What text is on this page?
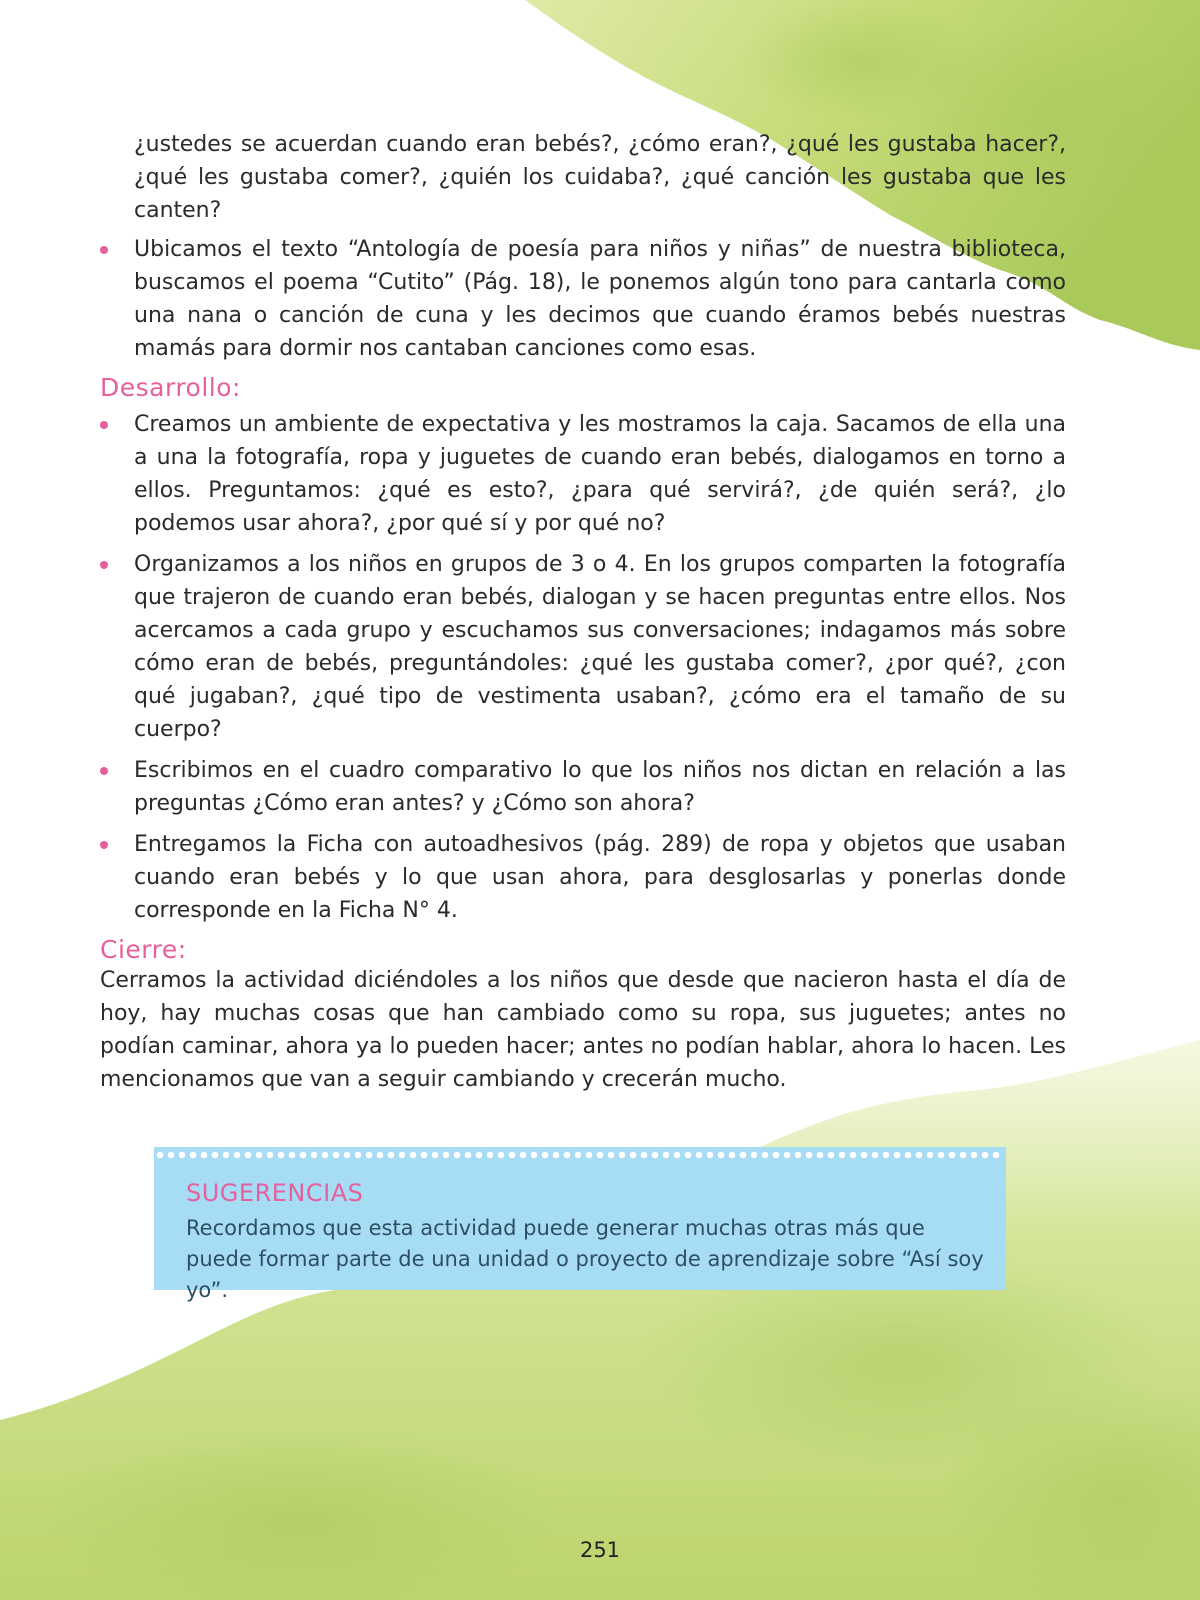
¿ustedes se acuerdan cuando eran bebés?, ¿cómo eran?, ¿qué les gustaba hacer?, ¿qué les gustaba comer?, ¿quién los cuidaba?, ¿qué canción les gustaba que les canten?

Ubicamos el texto “Antología de poesía para niños y niñas” de nuestra biblioteca, buscamos el poema “Cutito” (Pág. 18), le ponemos algún tono para cantarla como una nana o canción de cuna y les decimos que cuando éramos bebés nuestras mamás para dormir nos cantaban canciones como esas.
Desarrollo:
Creamos un ambiente de expectativa y les mostramos la caja. Sacamos de ella una a una la fotografía, ropa y juguetes de cuando eran bebés, dialogamos en torno a ellos. Preguntamos: ¿qué es esto?, ¿para qué servirá?, ¿de quién será?, ¿lo podemos usar ahora?, ¿por qué sí y por qué no?
Organizamos a los niños en grupos de 3 o 4. En los grupos comparten la fotografía que trajeron de cuando eran bebés, dialogan y se hacen preguntas entre ellos. Nos acercamos a cada grupo y escuchamos sus conversaciones; indagamos más sobre cómo eran de bebés, preguntándoles: ¿qué les gustaba comer?, ¿por qué?, ¿con qué jugaban?, ¿qué tipo de vestimenta usaban?, ¿cómo era el tamaño de su cuerpo?
Escribimos en el cuadro comparativo lo que los niños nos dictan en relación a las preguntas ¿Cómo eran antes? y ¿Cómo son ahora?
Entregamos la Ficha con autoadhesivos (pág. 289) de ropa y objetos que usaban cuando eran bebés y lo que usan ahora, para desglosarlas y ponerlas donde corresponde en la Ficha N° 4.
Cierre:

Cerramos la actividad diciéndoles a los niños que desde que nacieron hasta el día de hoy, hay muchas cosas que han cambiado como su ropa, sus juguetes; antes no podían caminar, ahora ya lo pueden hacer; antes no podían hablar, ahora lo hacen. Les mencionamos que van a seguir cambiando y crecerán mucho.

SUGERENCIAS

Recordamos que esta actividad puede generar muchas otras más que puede formar parte de una unidad o proyecto de aprendizaje sobre “Así soy yo”.

251
